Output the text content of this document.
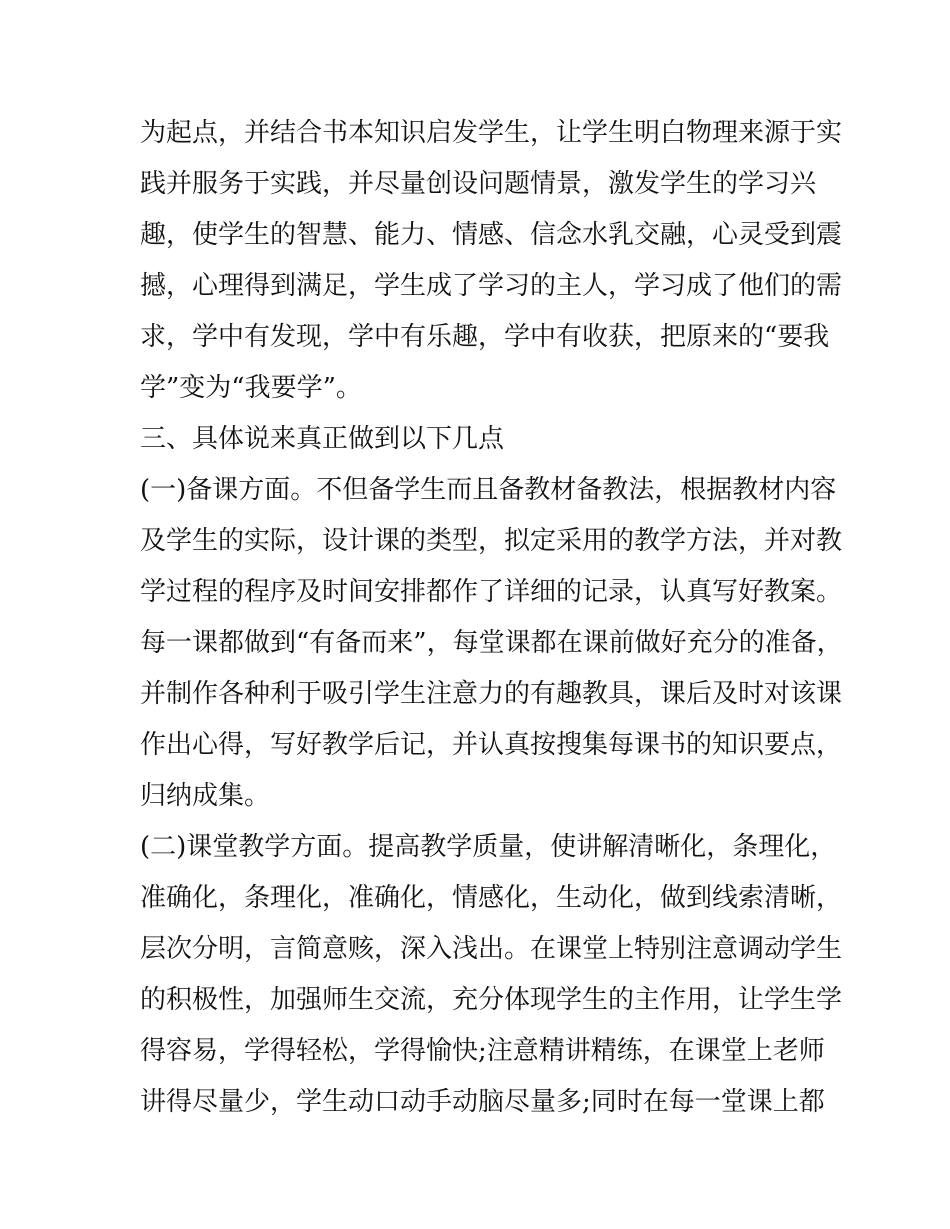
为起点，并结合书本知识启发学生，让学生明白物理来源于实
践并服务于实践，并尽量创设问题情景，激发学生的学习兴
趣，使学生的智慧、能力、情感、信念水乳交融，心灵受到震
撼，心理得到满足，学生成了学习的主人，学习成了他们的需
求，学中有发现，学中有乐趣，学中有收获，把原来的“要我
学”变为“我要学”。
三、具体说来真正做到以下几点
(一)备课方面。不但备学生而且备教材备教法，根据教材内容
及学生的实际，设计课的类型，拟定采用的教学方法，并对教
学过程的程序及时间安排都作了详细的记录，认真写好教案。
每一课都做到“有备而来”，每堂课都在课前做好充分的准备，
并制作各种利于吸引学生注意力的有趣教具，课后及时对该课
作出心得，写好教学后记，并认真按搜集每课书的知识要点，
归纳成集。
(二)课堂教学方面。提高教学质量，使讲解清晰化，条理化，
准确化，条理化，准确化，情感化，生动化，做到线索清晰，
层次分明，言简意赅，深入浅出。在课堂上特别注意调动学生
的积极性，加强师生交流，充分体现学生的主作用，让学生学
得容易，学得轻松，学得愉快;注意精讲精练，在课堂上老师
讲得尽量少，学生动口动手动脑尽量多;同时在每一堂课上都
